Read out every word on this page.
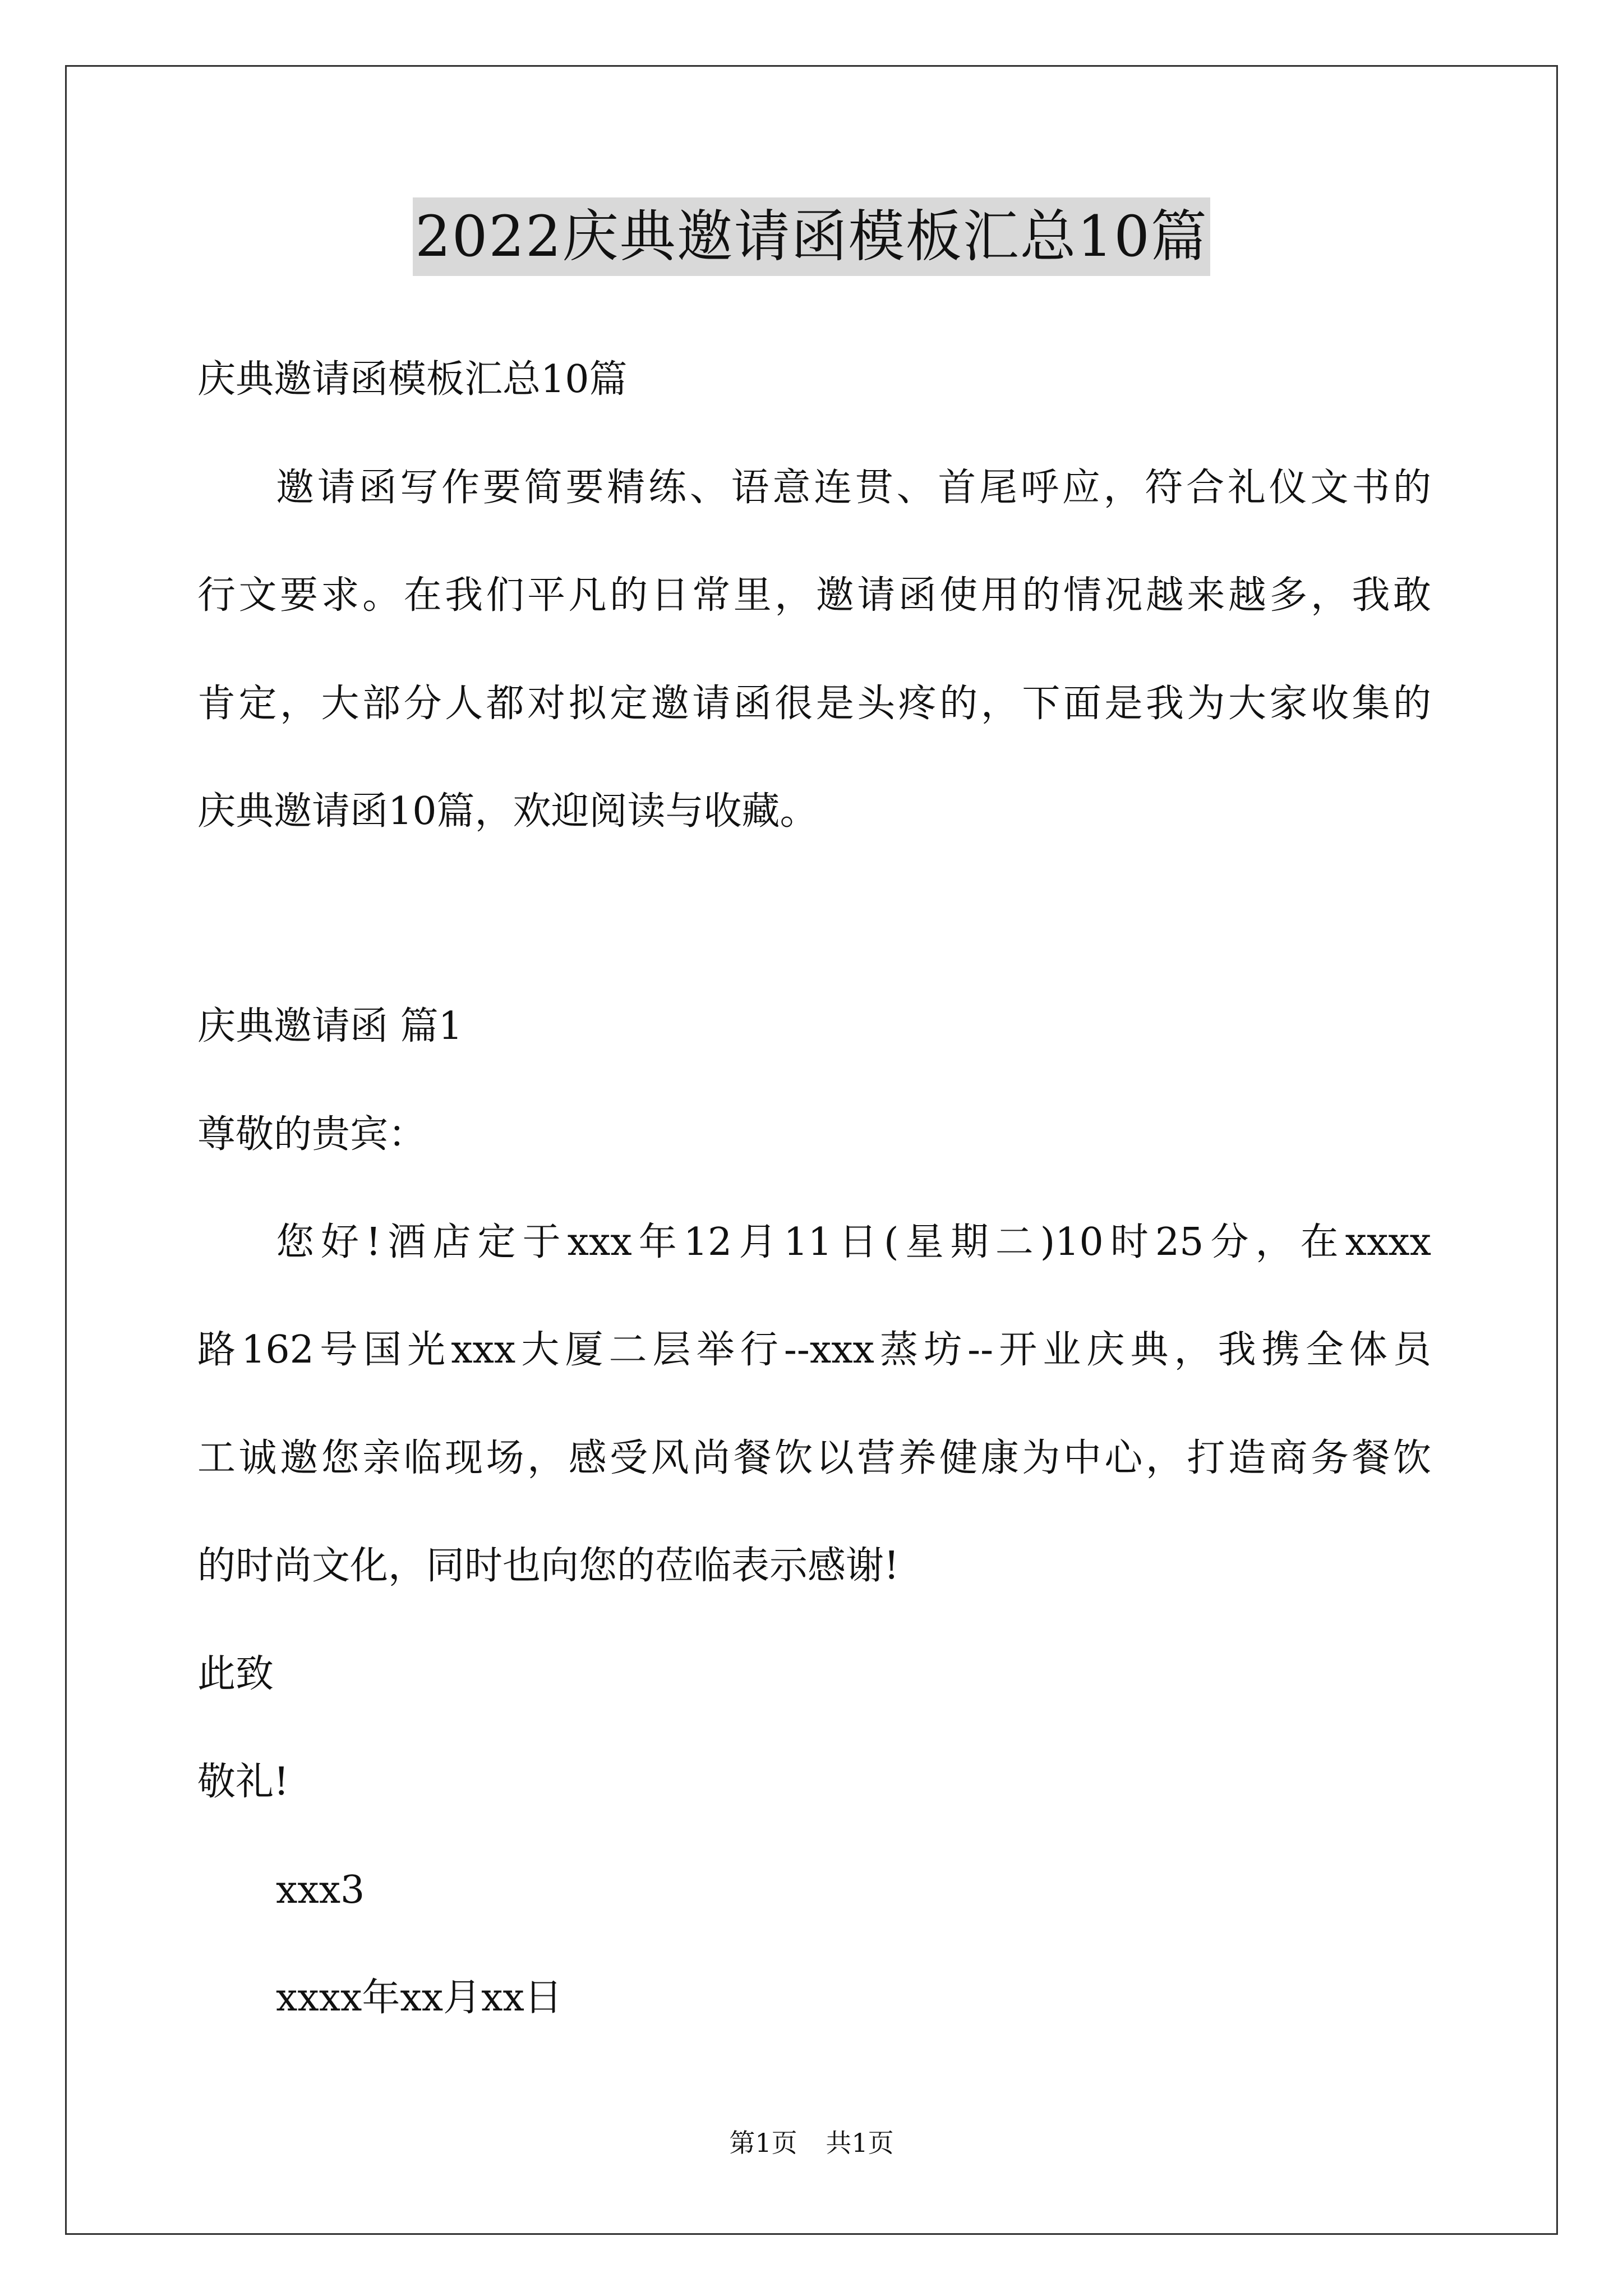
2022庆典邀请函模板汇总10篇
庆典邀请函模板汇总10篇
邀请函写作要简要精练、语意连贯、首尾呼应，符合礼仪文书的
行文要求。在我们平凡的日常里，邀请函使用的情况越来越多，我敢
肯定，大部分人都对拟定邀请函很是头疼的，下面是我为大家收集的
庆典邀请函10篇，欢迎阅读与收藏。
庆典邀请函 篇1
尊敬的贵宾：
您好!酒店定于xxx年12月11日(星期二)10时25分，在xxxx
路162号国光xxx大厦二层举行--xxx蒸坊--开业庆典，我携全体员
工诚邀您亲临现场，感受风尚餐饮以营养健康为中心，打造商务餐饮
的时尚文化，同时也向您的莅临表示感谢!
此致
敬礼!
xxx3
xxxx年xx月xx日
第1页 共1页
